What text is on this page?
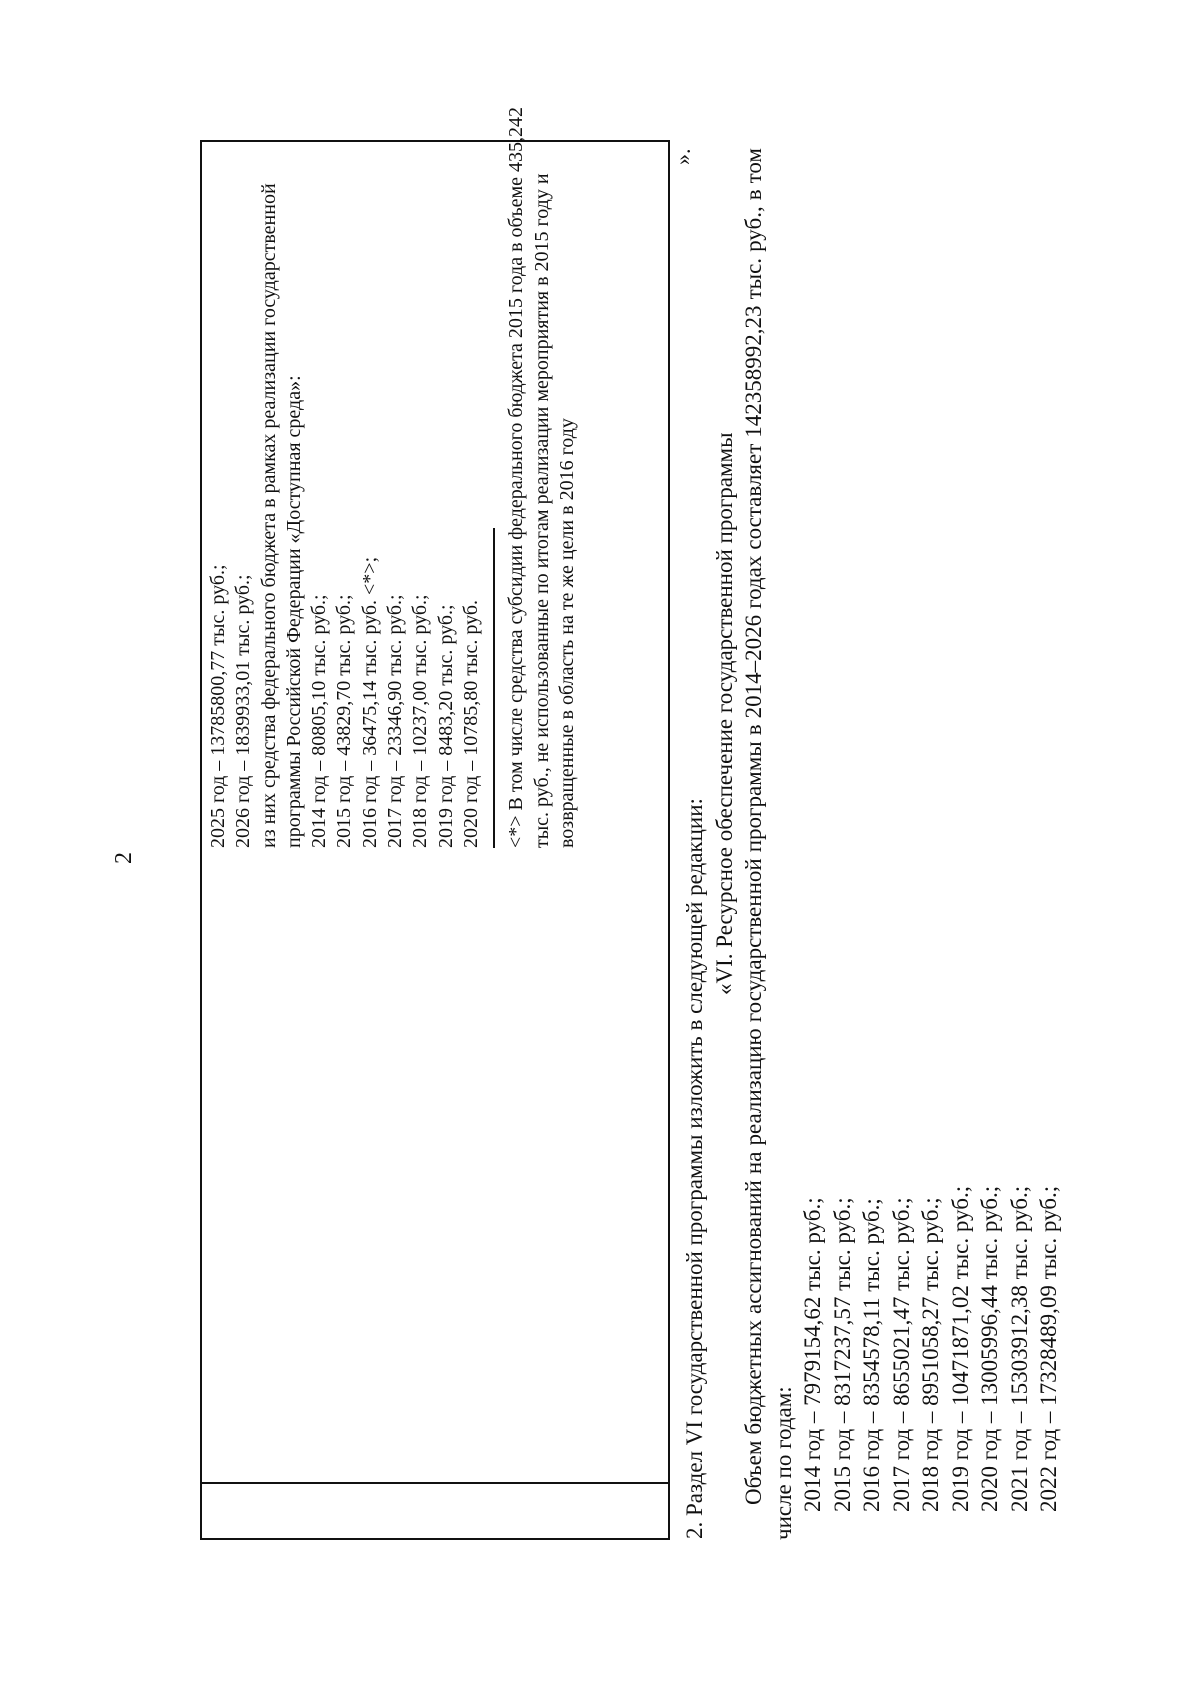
2

2025 год – 13785800,77 тыс. руб.; 2026 год – 1839933,01 тыс. руб.; из них средства федерального бюджета в рамках реализации государственной программы Российской Федерации «Доступная среда»: 2014 год – 80805,10 тыс. руб.; 2015 год – 43829,70 тыс. руб.; 2016 год – 36475,14 тыс. руб. <*>; 2017 год – 23346,90 тыс. руб.; 2018 год – 10237,00 тыс. руб.; 2019 год – 8483,20 тыс. руб.; 2020 год – 10785,80 тыс. руб. <*> В том числе средства субсидии федерального бюджета 2015 года в объеме 435,242 тыс. руб., не использованные по итогам реализации мероприятия в 2015 году и возвращенные в область на те же цели в 2016 году

».

2. Раздел VI государственной программы изложить в следующей редакции:

«VI. Ресурсное обеспечение государственной программы Объем бюджетных ассигнований на реализацию государственной программы в 2014–2026 годах составляет 142358992,23 тыс. руб., в том числе по годам: 2014 год – 7979154,62 тыс. руб.; 2015 год – 8317237,57 тыс. руб.; 2016 год – 8354578,11 тыс. руб.; 2017 год – 8655021,47 тыс. руб.; 2018 год – 8951058,27 тыс. руб.; 2019 год – 10471871,02 тыс. руб.; 2020 год – 13005996,44 тыс. руб.; 2021 год – 15303912,38 тыс. руб.; 2022 год – 17328489,09 тыс. руб.;
